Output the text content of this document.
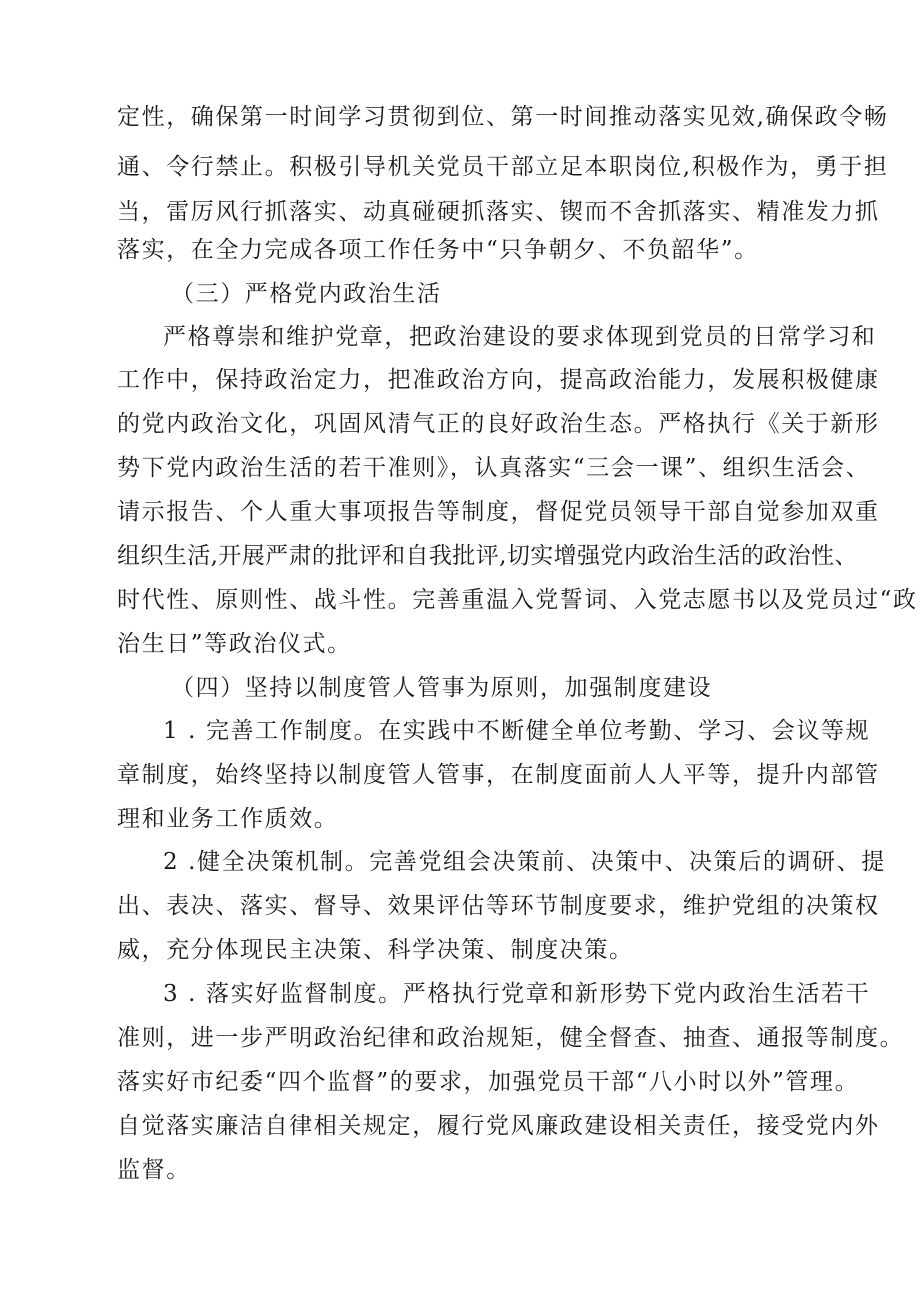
定性，确保第一时间学习贯彻到位、第一时间推动落实见效,确保政令畅
通、令行禁止。积极引导机关党员干部立足本职岗位,积极作为，勇于担
当，雷厉风行抓落实、动真碰硬抓落实、锲而不舍抓落实、精准发力抓
落实，在全力完成各项工作任务中“只争朝夕、不负韶华”。
（三）严格党内政治生活
严格尊崇和维护党章，把政治建设的要求体现到党员的日常学习和
工作中，保持政治定力，把准政治方向，提高政治能力，发展积极健康
的党内政治文化，巩固风清气正的良好政治生态。严格执行《关于新形
势下党内政治生活的若干准则》，认真落实“三会一课”、组织生活会、
请示报告、个人重大事项报告等制度，督促党员领导干部自觉参加双重
组织生活,开展严肃的批评和自我批评,切实增强党内政治生活的政治性、
时代性、原则性、战斗性。完善重温入党誓词、入党志愿书以及党员过“政
治生日”等政治仪式。
（四）坚持以制度管人管事为原则，加强制度建设
1 . 完善工作制度。在实践中不断健全单位考勤、学习、会议等规
章制度，始终坚持以制度管人管事，在制度面前人人平等，提升内部管
理和业务工作质效。
2 .健全决策机制。完善党组会决策前、决策中、决策后的调研、提
出、表决、落实、督导、效果评估等环节制度要求，维护党组的决策权
威，充分体现民主决策、科学决策、制度决策。
3 . 落实好监督制度。严格执行党章和新形势下党内政治生活若干
准则，进一步严明政治纪律和政治规矩，健全督查、抽查、通报等制度。
落实好市纪委“四个监督”的要求，加强党员干部“八小时以外”管理。
自觉落实廉洁自律相关规定，履行党风廉政建设相关责任，接受党内外
监督。
